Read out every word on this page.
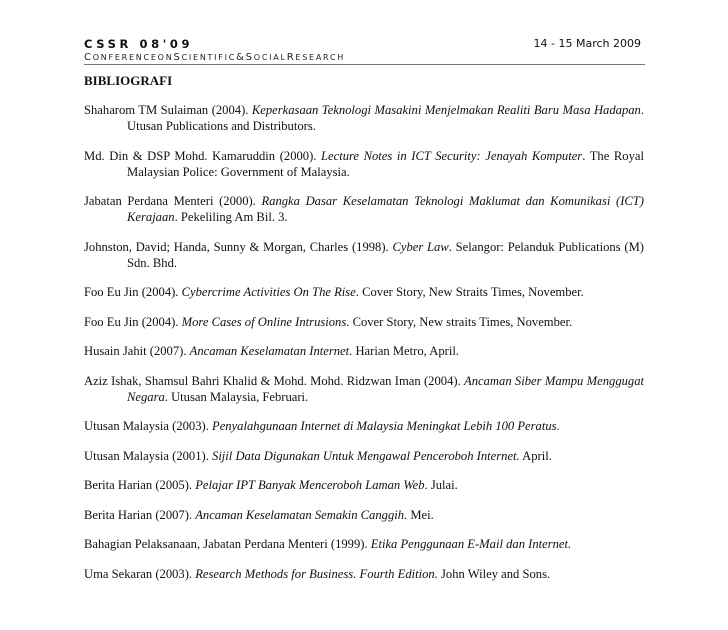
CSSR 08'09
CONFERENCEONSCIENTIFIC&SOCIALRESEARCH
14 - 15 March 2009
BIBLIOGRAFI
Shaharom TM Sulaiman (2004). Keperkasaan Teknologi Masakini Menjelmakan Realiti Baru Masa Hadapan. Utusan Publications and Distributors.
Md. Din & DSP Mohd. Kamaruddin (2000). Lecture Notes in ICT Security: Jenayah Komputer. The Royal Malaysian Police: Government of Malaysia.
Jabatan Perdana Menteri (2000). Rangka Dasar Keselamatan Teknologi Maklumat dan Komunikasi (ICT) Kerajaan. Pekeliling Am Bil. 3.
Johnston, David; Handa, Sunny & Morgan, Charles (1998). Cyber Law. Selangor: Pelanduk Publications (M) Sdn. Bhd.
Foo Eu Jin (2004). Cybercrime Activities On The Rise. Cover Story, New Straits Times, November.
Foo Eu Jin (2004). More Cases of Online Intrusions. Cover Story, New straits Times, November.
Husain Jahit (2007). Ancaman Keselamatan Internet. Harian Metro, April.
Aziz Ishak, Shamsul Bahri Khalid & Mohd. Mohd. Ridzwan Iman (2004). Ancaman Siber Mampu Menggugat Negara. Utusan Malaysia, Februari.
Utusan Malaysia (2003). Penyalahgunaan Internet di Malaysia Meningkat Lebih 100 Peratus.
Utusan Malaysia (2001). Sijil Data Digunakan Untuk Mengawal Penceroboh Internet. April.
Berita Harian (2005). Pelajar IPT Banyak Menceroboh Laman Web. Julai.
Berita Harian (2007). Ancaman Keselamatan Semakin Canggih. Mei.
Bahagian Pelaksanaan, Jabatan Perdana Menteri (1999). Etika Penggunaan E-Mail dan Internet.
Uma Sekaran (2003). Research Methods for Business. Fourth Edition. John Wiley and Sons.
